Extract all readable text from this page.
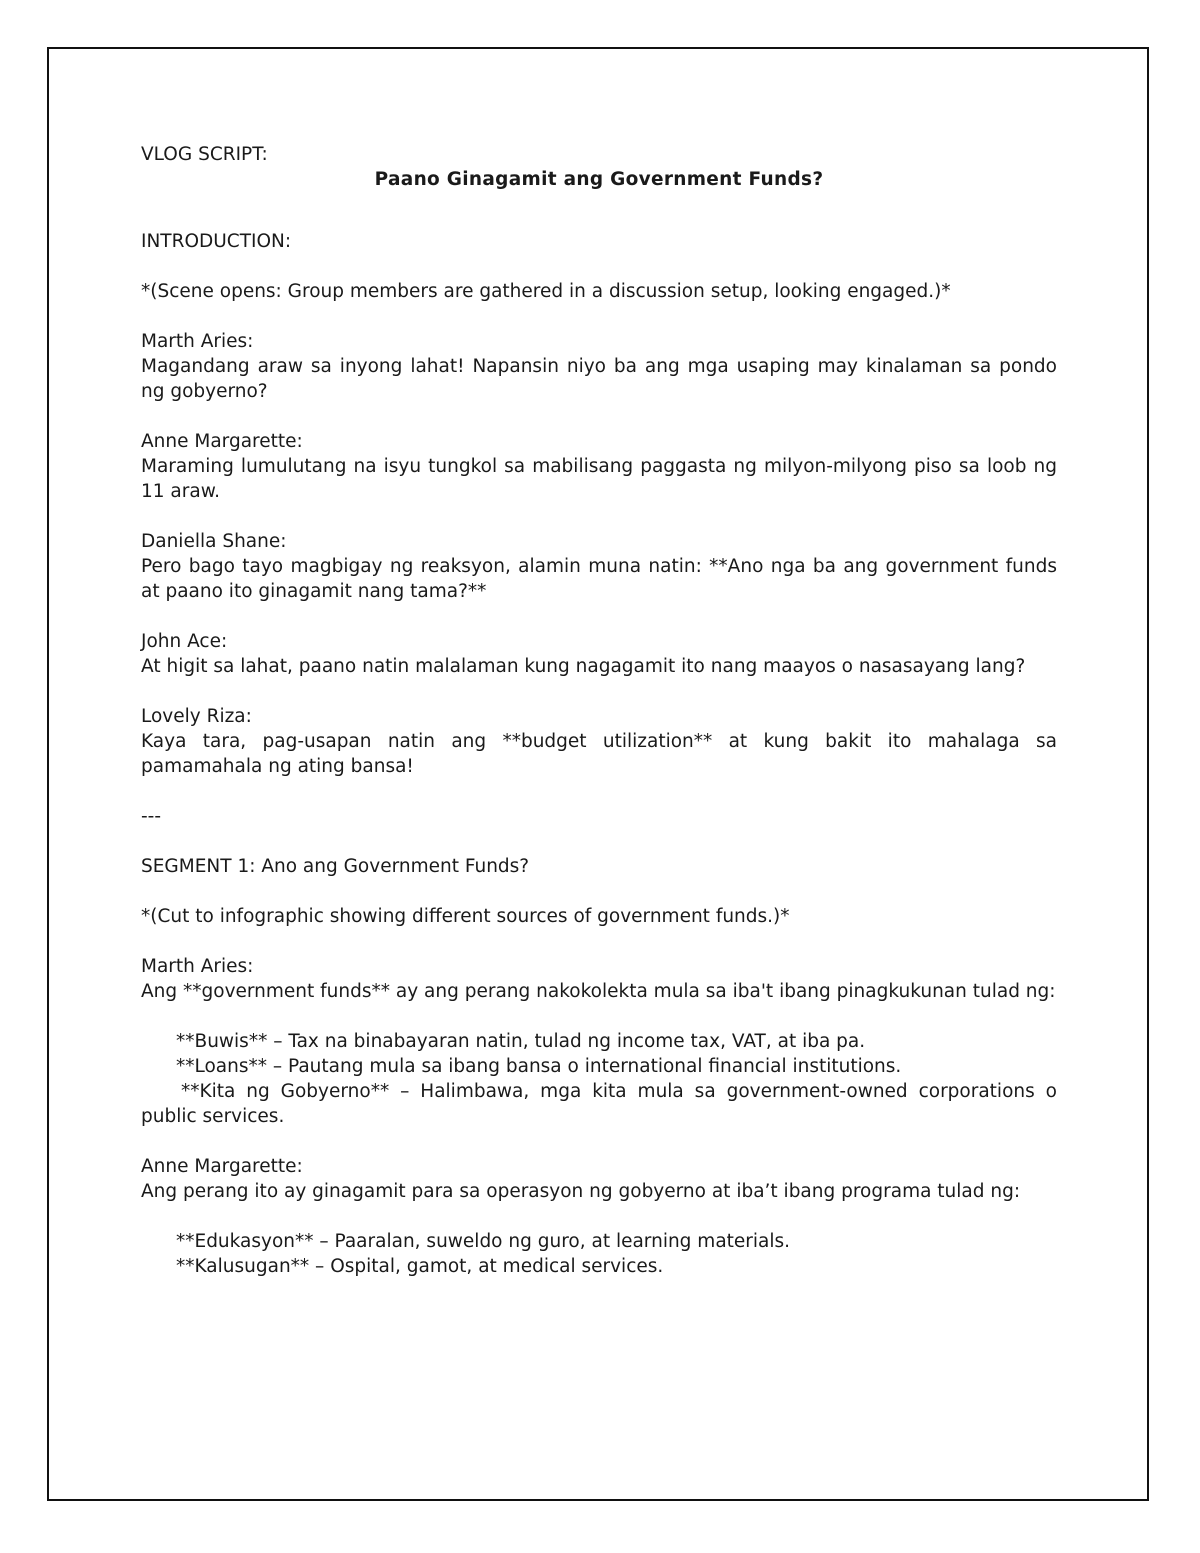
VLOG SCRIPT:

Paano Ginagamit ang Government Funds?

INTRODUCTION:

*(Scene opens: Group members are gathered in a discussion setup, looking engaged.)*

Marth Aries:

Magandang araw sa inyong lahat! Napansin niyo ba ang mga usaping may kinalaman sa pondo ng gobyerno?

Anne Margarette:

Maraming lumulutang na isyu tungkol sa mabilisang paggasta ng milyon-milyong piso sa loob ng 11 araw.

Daniella Shane:

Pero bago tayo magbigay ng reaksyon, alamin muna natin: **Ano nga ba ang government funds at paano ito ginagamit nang tama?**

John Ace:

At higit sa lahat, paano natin malalaman kung nagagamit ito nang maayos o nasasayang lang?

Lovely Riza:

Kaya tara, pag-usapan natin ang **budget utilization** at kung bakit ito mahalaga sa pamamahala ng ating bansa!

---

SEGMENT 1: Ano ang Government Funds?

*(Cut to infographic showing different sources of government funds.)*

Marth Aries:

Ang **government funds** ay ang perang nakokolekta mula sa iba't ibang pinagkukunan tulad ng:

**Buwis** – Tax na binabayaran natin, tulad ng income tax, VAT, at iba pa.

**Loans** – Pautang mula sa ibang bansa o international financial institutions.

**Kita ng Gobyerno** – Halimbawa, mga kita mula sa government-owned corporations o public services.

Anne Margarette:

Ang perang ito ay ginagamit para sa operasyon ng gobyerno at iba’t ibang programa tulad ng:

**Edukasyon** – Paaralan, suweldo ng guro, at learning materials.

**Kalusugan** – Ospital, gamot, at medical services.
